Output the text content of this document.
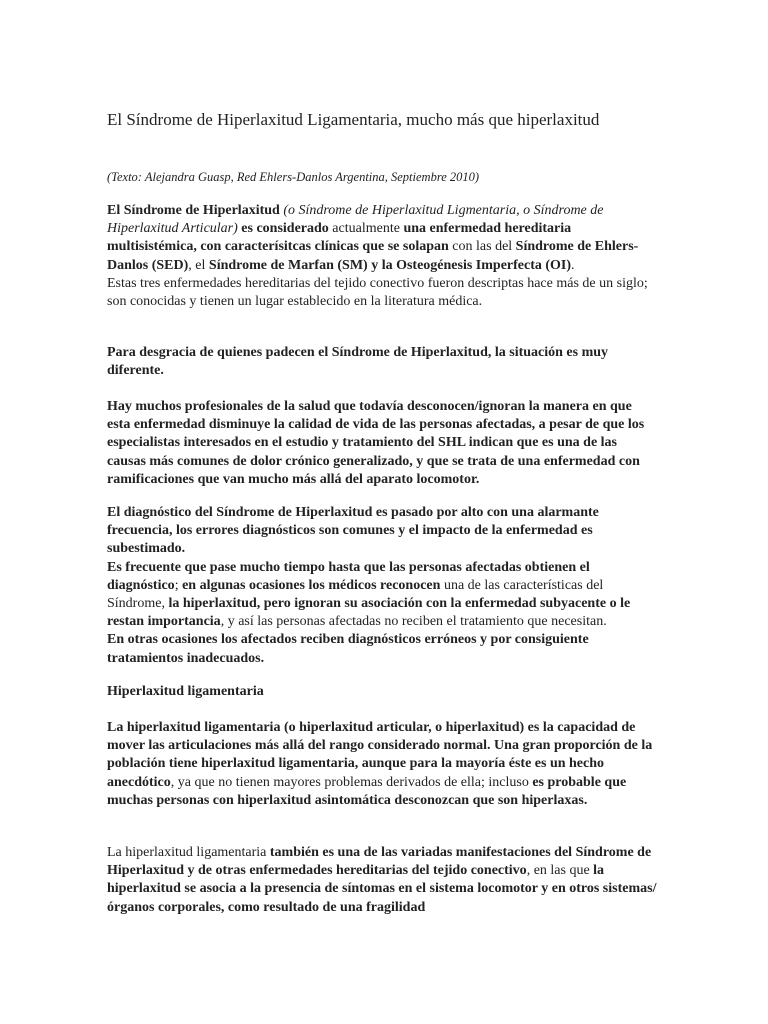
El Síndrome de Hiperlaxitud Ligamentaria, mucho más que hiperlaxitud
(Texto: Alejandra Guasp, Red Ehlers-Danlos Argentina, Septiembre 2010)
El Síndrome de Hiperlaxitud (o Síndrome de Hiperlaxitud Ligmentaria, o Síndrome de Hiperlaxitud Articular) es considerado actualmente una enfermedad hereditaria multisistémica, con caracterísitcas clínicas que se solapan con las del Síndrome de Ehlers-Danlos (SED), el Síndrome de Marfan (SM) y la Osteogénesis Imperfecta (OI).
Estas tres enfermedades hereditarias del tejido conectivo fueron descriptas hace más de un siglo; son conocidas y tienen un lugar establecido en la literatura médica.
Para desgracia de quienes padecen el Síndrome de Hiperlaxitud, la situación es muy diferente.
Hay muchos profesionales de la salud que todavía desconocen/ignoran la manera en que esta enfermedad disminuye la calidad de vida de las personas afectadas, a pesar de que los especialistas interesados en el estudio y tratamiento del SHL indican que es una de las causas más comunes de dolor crónico generalizado, y que se trata de una enfermedad con ramificaciones que van mucho más allá del aparato locomotor.
El diagnóstico del Síndrome de Hiperlaxitud es pasado por alto con una alarmante frecuencia, los errores diagnósticos son comunes y el impacto de la enfermedad es subestimado.
Es frecuente que pase mucho tiempo hasta que las personas afectadas obtienen el diagnóstico; en algunas ocasiones los médicos reconocen una de las características del Síndrome, la hiperlaxitud, pero ignoran su asociación con la enfermedad subyacente o le restan importancia, y así las personas afectadas no reciben el tratamiento que necesitan.
En otras ocasiones los afectados reciben diagnósticos erróneos y por consiguiente tratamientos inadecuados.
Hiperlaxitud ligamentaria
La hiperlaxitud ligamentaria (o hiperlaxitud articular, o hiperlaxitud) es la capacidad de mover las articulaciones más allá del rango considerado normal. Una gran proporción de la población tiene hiperlaxitud ligamentaria, aunque para la mayoría éste es un hecho anecdótico, ya que no tienen mayores problemas derivados de ella; incluso es probable que muchas personas con hiperlaxitud asintomática desconozcan que son hiperlaxas.
La hiperlaxitud ligamentaria también es una de las variadas manifestaciones del Síndrome de Hiperlaxitud y de otras enfermedades hereditarias del tejido conectivo, en las que la hiperlaxitud se asocia a la presencia de síntomas en el sistema locomotor y en otros sistemas/órganos corporales, como resultado de una fragilidad
